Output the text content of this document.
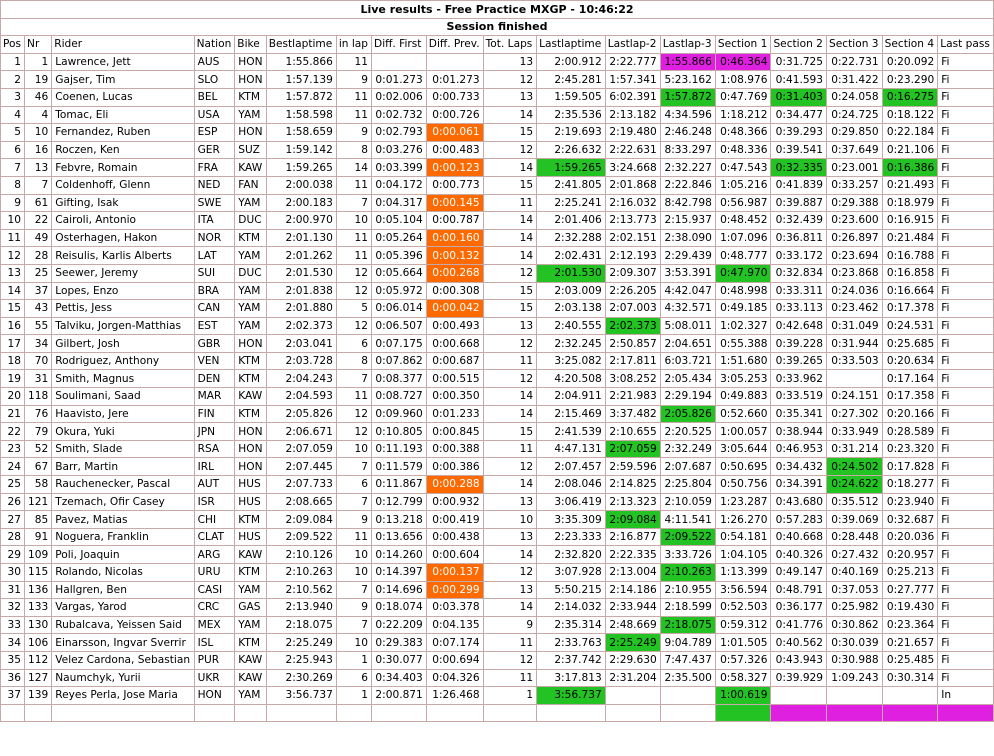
Live results - Free Practice MXGP - 10:46:22																	
Session finished																	
Pos	Nr	Rider	Nation	Bike	Bestlaptime	in lap	Diff. First	Diff. Prev.	Tot. Laps	Lastlaptime	Lastlap-2	Lastlap-3	Section 1	Section 2	Section 3	Section 4	Last pass
1	1	Lawrence, Jett	AUS	HON	1:55.866	11			13	2:00.912	2:22.777	1:55.866	0:46.364	0:31.725	0:22.731	0:20.092	Fi
2	19	Gajser, Tim	SLO	HON	1:57.139	9	0:01.273	0:01.273	12	2:45.281	1:57.341	5:23.162	1:08.976	0:41.593	0:31.422	0:23.290	Fi
3	46	Coenen, Lucas	BEL	KTM	1:57.872	11	0:02.006	0:00.733	13	1:59.505	6:02.391	1:57.872	0:47.769	0:31.403	0:24.058	0:16.275	Fi
4	4	Tomac, Eli	USA	YAM	1:58.598	11	0:02.732	0:00.726	14	2:35.536	2:13.182	4:34.596	1:18.212	0:34.477	0:24.725	0:18.122	Fi
5	10	Fernandez, Ruben	ESP	HON	1:58.659	9	0:02.793	0:00.061	15	2:19.693	2:19.480	2:46.248	0:48.366	0:39.293	0:29.850	0:22.184	Fi
6	16	Roczen, Ken	GER	SUZ	1:59.142	8	0:03.276	0:00.483	12	2:26.632	2:22.631	8:33.297	0:48.336	0:39.541	0:37.649	0:21.106	Fi
7	13	Febvre, Romain	FRA	KAW	1:59.265	14	0:03.399	0:00.123	14	1:59.265	3:24.668	2:32.227	0:47.543	0:32.335	0:23.001	0:16.386	Fi
8	7	Coldenhoff, Glenn	NED	FAN	2:00.038	11	0:04.172	0:00.773	15	2:41.805	2:01.868	2:22.846	1:05.216	0:41.839	0:33.257	0:21.493	Fi
9	61	Gifting, Isak	SWE	YAM	2:00.183	7	0:04.317	0:00.145	11	2:25.241	2:16.032	8:42.798	0:56.987	0:39.887	0:29.388	0:18.979	Fi
10	22	Cairoli, Antonio	ITA	DUC	2:00.970	10	0:05.104	0:00.787	14	2:01.406	2:13.773	2:15.937	0:48.452	0:32.439	0:23.600	0:16.915	Fi
11	49	Osterhagen, Hakon	NOR	KTM	2:01.130	11	0:05.264	0:00.160	14	2:32.288	2:02.151	2:38.090	1:07.096	0:36.811	0:26.897	0:21.484	Fi
12	28	Reisulis, Karlis Alberts	LAT	YAM	2:01.262	11	0:05.396	0:00.132	14	2:02.431	2:12.193	2:29.439	0:48.777	0:33.172	0:23.694	0:16.788	Fi
13	25	Seewer, Jeremy	SUI	DUC	2:01.530	12	0:05.664	0:00.268	12	2:01.530	2:09.307	3:53.391	0:47.970	0:32.834	0:23.868	0:16.858	Fi
14	37	Lopes, Enzo	BRA	YAM	2:01.838	12	0:05.972	0:00.308	15	2:03.009	2:26.205	4:42.047	0:48.998	0:33.311	0:24.036	0:16.664	Fi
15	43	Pettis, Jess	CAN	YAM	2:01.880	5	0:06.014	0:00.042	15	2:03.138	2:07.003	4:32.571	0:49.185	0:33.113	0:23.462	0:17.378	Fi
16	55	Talviku, Jorgen-Matthias	EST	YAM	2:02.373	12	0:06.507	0:00.493	13	2:40.555	2:02.373	5:08.011	1:02.327	0:42.648	0:31.049	0:24.531	Fi
17	34	Gilbert, Josh	GBR	HON	2:03.041	6	0:07.175	0:00.668	12	2:32.245	2:50.857	2:04.651	0:55.388	0:39.228	0:31.944	0:25.685	Fi
18	70	Rodriguez, Anthony	VEN	KTM	2:03.728	8	0:07.862	0:00.687	11	3:25.082	2:17.811	6:03.721	1:51.680	0:39.265	0:33.503	0:20.634	Fi
19	31	Smith, Magnus	DEN	KTM	2:04.243	7	0:08.377	0:00.515	12	4:20.508	3:08.252	2:05.434	3:05.253	0:33.962		0:17.164	Fi
20	118	Soulimani, Saad	MAR	KAW	2:04.593	11	0:08.727	0:00.350	14	2:04.911	2:21.983	2:29.194	0:49.883	0:33.519	0:24.151	0:17.358	Fi
21	76	Haavisto, Jere	FIN	KTM	2:05.826	12	0:09.960	0:01.233	14	2:15.469	3:37.482	2:05.826	0:52.660	0:35.341	0:27.302	0:20.166	Fi
22	79	Okura, Yuki	JPN	HON	2:06.671	12	0:10.805	0:00.845	15	2:41.539	2:10.655	2:20.525	1:00.057	0:38.944	0:33.949	0:28.589	Fi
23	52	Smith, Slade	RSA	HON	2:07.059	10	0:11.193	0:00.388	11	4:47.131	2:07.059	2:32.249	3:05.644	0:46.953	0:31.214	0:23.320	Fi
24	67	Barr, Martin	IRL	HON	2:07.445	7	0:11.579	0:00.386	12	2:07.457	2:59.596	2:07.687	0:50.695	0:34.432	0:24.502	0:17.828	Fi
25	58	Rauchenecker, Pascal	AUT	HUS	2:07.733	6	0:11.867	0:00.288	14	2:08.046	2:14.825	2:25.804	0:50.756	0:34.391	0:24.622	0:18.277	Fi
26	121	Tzemach, Ofir Casey	ISR	HUS	2:08.665	7	0:12.799	0:00.932	13	3:06.419	2:13.323	2:10.059	1:23.287	0:43.680	0:35.512	0:23.940	Fi
27	85	Pavez, Matias	CHI	KTM	2:09.084	9	0:13.218	0:00.419	10	3:35.309	2:09.084	4:11.541	1:26.270	0:57.283	0:39.069	0:32.687	Fi
28	91	Noguera, Franklin	CLAT	HUS	2:09.522	11	0:13.656	0:00.438	13	2:23.333	2:16.877	2:09.522	0:54.181	0:40.668	0:28.448	0:20.036	Fi
29	109	Poli, Joaquin	ARG	KAW	2:10.126	10	0:14.260	0:00.604	14	2:32.820	2:22.335	3:33.726	1:04.105	0:40.326	0:27.432	0:20.957	Fi
30	115	Rolando, Nicolas	URU	KTM	2:10.263	10	0:14.397	0:00.137	12	3:07.928	2:13.004	2:10.263	1:13.399	0:49.147	0:40.169	0:25.213	Fi
31	136	Hallgren, Ben	CASI	YAM	2:10.562	7	0:14.696	0:00.299	13	5:50.215	2:14.186	2:10.955	3:56.594	0:48.791	0:37.053	0:27.777	Fi
32	133	Vargas, Yarod	CRC	GAS	2:13.940	9	0:18.074	0:03.378	14	2:14.032	2:33.944	2:18.599	0:52.503	0:36.177	0:25.982	0:19.430	Fi
33	130	Rubalcava, Yeissen Said	MEX	YAM	2:18.075	7	0:22.209	0:04.135	9	2:35.314	2:48.669	2:18.075	0:59.312	0:41.776	0:30.862	0:23.364	Fi
34	106	Einarsson, Ingvar Sverrir	ISL	KTM	2:25.249	10	0:29.383	0:07.174	11	2:33.763	2:25.249	9:04.789	1:01.505	0:40.562	0:30.039	0:21.657	Fi
35	112	Velez Cardona, Sebastian	PUR	KAW	2:25.943	1	0:30.077	0:00.694	12	2:37.742	2:29.630	7:47.437	0:57.326	0:43.943	0:30.988	0:25.485	Fi
36	127	Naumchyk, Yurii	UKR	KAW	2:30.269	6	0:34.403	0:04.326	11	3:17.813	2:31.204	2:35.500	0:58.327	0:39.929	1:09.243	0:30.314	Fi
37	139	Reyes Perla, Jose Maria	HON	YAM	3:56.737	1	2:00.871	1:26.468	1	3:56.737			1:00.619				In
